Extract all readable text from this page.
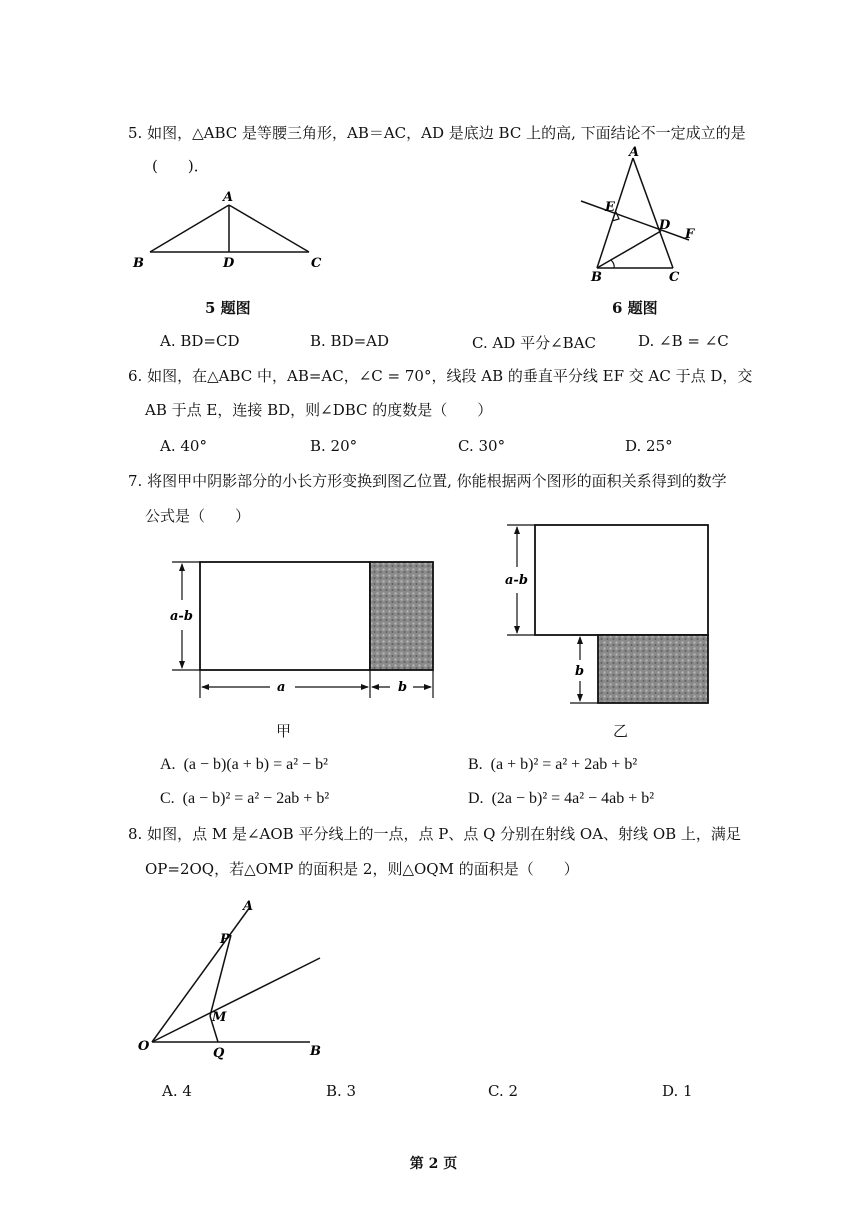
5. 如图，△ABC 是等腰三角形，AB＝AC，AD 是底边 BC 上的高, 下面结论不一定成立的是
(　　)．
A
B	D	C
5 题图
A
E
D
F
B	C
6 题图
A. BD=CD	B. BD=AD	C. AD 平分∠BAC	D. ∠B = ∠C
6. 如图，在△ABC 中，AB=AC，∠C = 70°，线段 AB 的垂直平分线 EF 交 AC 于点 D，交
AB 于点 E，连接 BD，则∠DBC 的度数是（　　）
A. 40°	B. 20°	C. 30°	D. 25°
7. 将图甲中阴影部分的小长方形变换到图乙位置, 你能根据两个图形的面积关系得到的数学
公式是（　　）
a-b
a	b
甲
a-b
b
乙
A. (a − b)(a + b) = a² − b²	B. (a + b)² = a² + 2ab + b²
C. (a − b)² = a² − 2ab + b²	D. (2a − b)² = 4a² − 4ab + b²
8. 如图，点 M 是∠AOB 平分线上的一点，点 P、点 Q 分别在射线 OA、射线 OB 上，满足
OP=2OQ，若△OMP 的面积是 2，则△OQM 的面积是（　　）
A
P
M
O	Q	B
A. 4	B. 3	C. 2	D. 1
第 2 页
